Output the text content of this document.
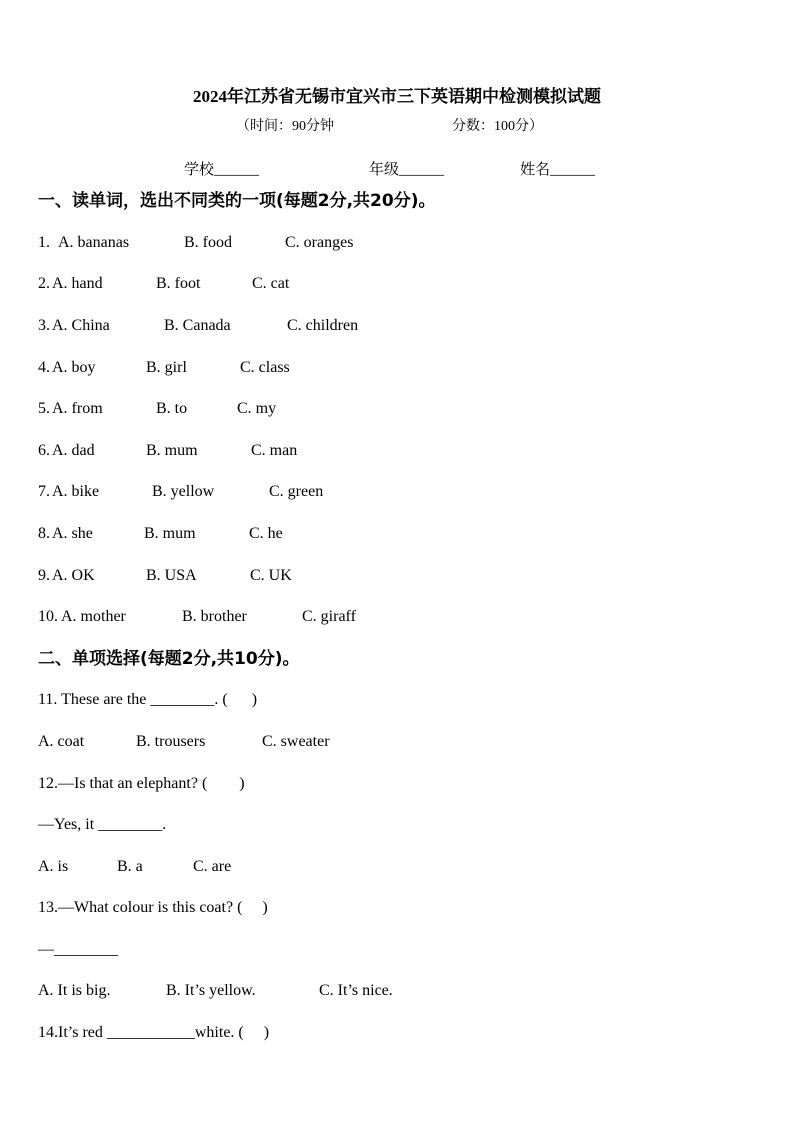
2024年江苏省无锡市宜兴市三下英语期中检测模拟试题
（时间：90分钟	分数：100分）
学校______	年级______	姓名______
一、读单词，选出不同类的一项(每题2分,共20分)。
1. A. bananas	B. food	C. oranges
2. A. hand	B. foot	C. cat
3. A. China	B. Canada	C. children
4. A. boy	B. girl	C. class
5. A. from	B. to	C. my
6. A. dad	B. mum	C. man
7. A. bike	B. yellow	C. green
8. A. she	B. mum	C. he
9. A. OK	B. USA	C. UK
10. A. mother	B. brother	C. giraff
二、单项选择(每题2分,共10分)。
11. These are the ________. (      )
A. coat	B. trousers	C. sweater
12.—Is that an elephant? (        )
—Yes, it ________.
A. is	B. a	C. are
13.—What colour is this coat? (     )
—________
A. It is big.	B. It’s yellow.	C. It’s nice.
14.It’s red ___________white. (     )
